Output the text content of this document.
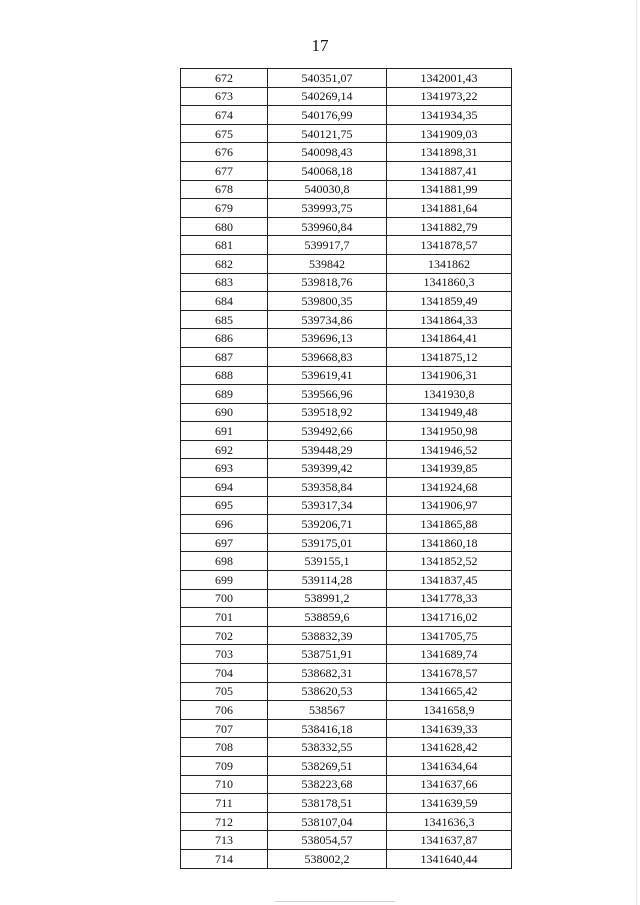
17
672	540351,07	1342001,43
673	540269,14	1341973,22
674	540176,99	1341934,35
675	540121,75	1341909,03
676	540098,43	1341898,31
677	540068,18	1341887,41
678	540030,8	1341881,99
679	539993,75	1341881,64
680	539960,84	1341882,79
681	539917,7	1341878,57
682	539842	1341862
683	539818,76	1341860,3
684	539800,35	1341859,49
685	539734,86	1341864,33
686	539696,13	1341864,41
687	539668,83	1341875,12
688	539619,41	1341906,31
689	539566,96	1341930,8
690	539518,92	1341949,48
691	539492,66	1341950,98
692	539448,29	1341946,52
693	539399,42	1341939,85
694	539358,84	1341924,68
695	539317,34	1341906,97
696	539206,71	1341865,88
697	539175,01	1341860,18
698	539155,1	1341852,52
699	539114,28	1341837,45
700	538991,2	1341778,33
701	538859,6	1341716,02
702	538832,39	1341705,75
703	538751,91	1341689,74
704	538682,31	1341678,57
705	538620,53	1341665,42
706	538567	1341658,9
707	538416,18	1341639,33
708	538332,55	1341628,42
709	538269,51	1341634,64
710	538223,68	1341637,66
711	538178,51	1341639,59
712	538107,04	1341636,3
713	538054,57	1341637,87
714	538002,2	1341640,44
